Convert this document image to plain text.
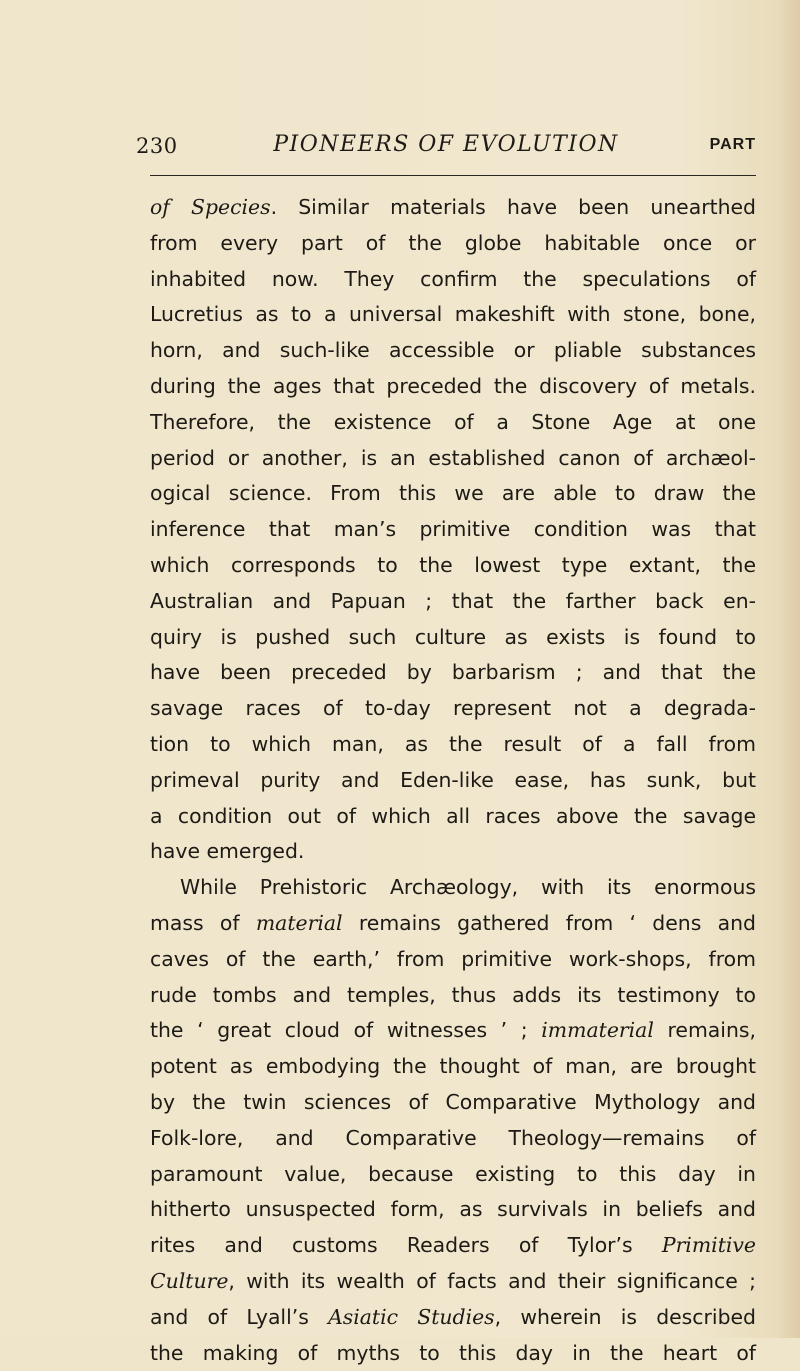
230	PIONEERS OF EVOLUTION	PART
of Species. Similar materials have been unearthed
from every part of the globe habitable once or
inhabited now. They confirm the speculations of
Lucretius as to a universal makeshift with stone, bone,
horn, and such-like accessible or pliable substances
during the ages that preceded the discovery of metals.
Therefore, the existence of a Stone Age at one
period or another, is an established canon of archæol-
ogical science. From this we are able to draw the
inference that man’s primitive condition was that
which corresponds to the lowest type extant, the
Australian and Papuan ; that the farther back en-
quiry is pushed such culture as exists is found to
have been preceded by barbarism ; and that the
savage races of to-day represent not a degrada-
tion to which man, as the result of a fall from
primeval purity and Eden-like ease, has sunk, but
a condition out of which all races above the savage
have emerged.
While Prehistoric Archæology, with its enormous
mass of material remains gathered from ‘ dens and
caves of the earth,’ from primitive work-shops, from
rude tombs and temples, thus adds its testimony to
the ‘ great cloud of witnesses ’ ; immaterial remains,
potent as embodying the thought of man, are brought
by the twin sciences of Comparative Mythology and
Folk-lore, and Comparative Theology—remains of
paramount value, because existing to this day in
hitherto unsuspected form, as survivals in beliefs and
rites and customs Readers of Tylor’s Primitive
Culture, with its wealth of facts and their significance ;
and of Lyall’s Asiatic Studies, wherein is described
the making of myths to this day in the heart of
